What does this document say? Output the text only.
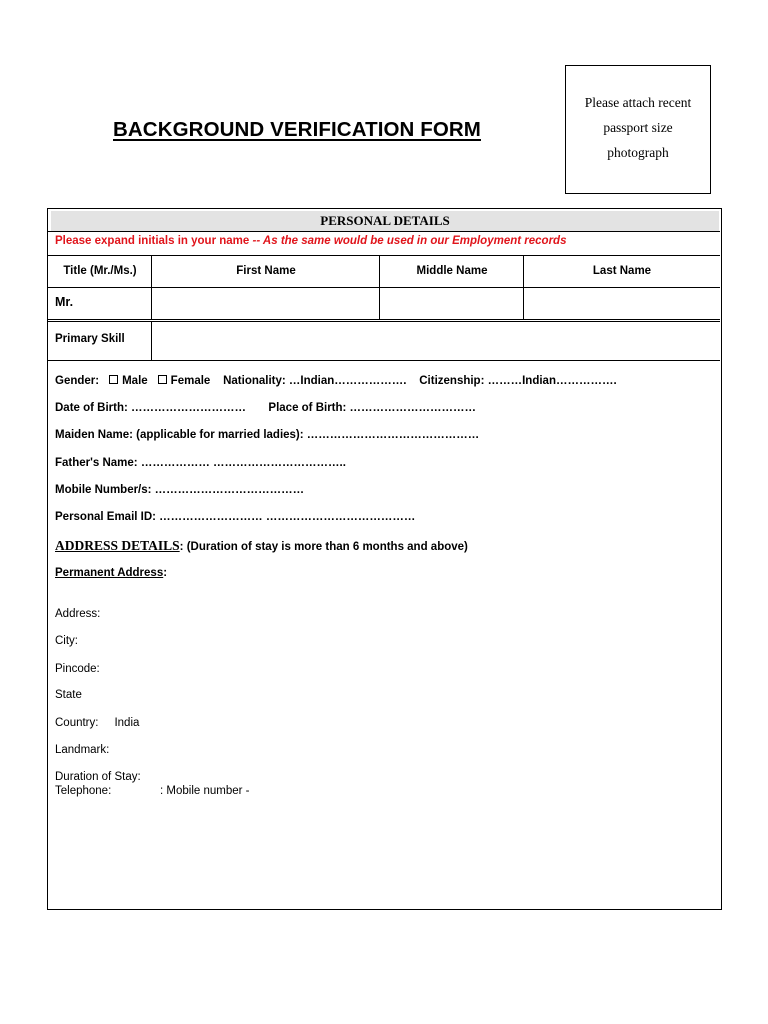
BACKGROUND VERIFICATION FORM
Please attach recent
passport size
photograph
PERSONAL DETAILS
Please expand initials in your name -- As the same would be used in our Employment records
Title (Mr./Ms.)	First Name	Middle Name	Last Name
Mr.
Primary Skill
Gender: Male Female Nationality: …Indian………………. Citizenship: ………Indian…………….
Date of Birth: ………………………… Place of Birth: ……………………………
Maiden Name: (applicable for married ladies): ………………………………………
Father's Name: ……………… ……………………………..
Mobile Number/s: …………………………………
Personal Email ID: ……………………… …………………………………
ADDRESS DETAILS: (Duration of stay is more than 6 months and above)
Permanent Address:
Address:
City:
Pincode:
State
Country: India
Landmark:
Duration of Stay:
Telephone:	: Mobile number -
